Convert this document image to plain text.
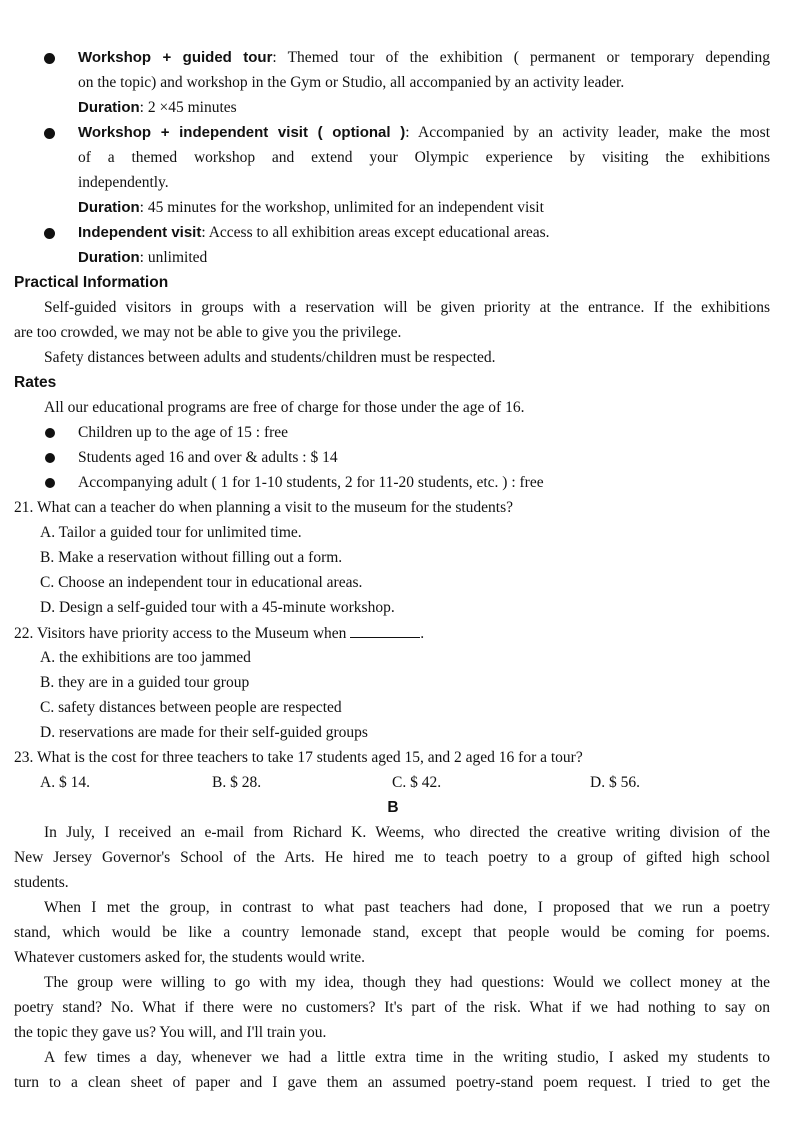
Workshop + guided tour: Themed tour of the exhibition ( permanent or temporary depending
on the topic) and workshop in the Gym or Studio, all accompanied by an activity leader.
Duration: 2 ×45 minutes
Workshop + independent visit ( optional ): Accompanied by an activity leader, make the most
of a themed workshop and extend your Olympic experience by visiting the exhibitions
independently.
Duration: 45 minutes for the workshop, unlimited for an independent visit
Independent visit: Access to all exhibition areas except educational areas.
Duration: unlimited
Practical Information
Self-guided visitors in groups with a reservation will be given priority at the entrance. If the exhibitions
are too crowded, we may not be able to give you the privilege.
Safety distances between adults and students/children must be respected.
Rates
All our educational programs are free of charge for those under the age of 16.
Children up to the age of 15 : free
Students aged 16 and over & adults : $ 14
Accompanying adult ( 1 for 1-10 students, 2 for 11-20 students, etc. ) : free
21. What can a teacher do when planning a visit to the museum for the students?
A. Tailor a guided tour for unlimited time.
B. Make a reservation without filling out a form.
C. Choose an independent tour in educational areas.
D. Design a self-guided tour with a 45-minute workshop.
22. Visitors have priority access to the Museum when	.
A. the exhibitions are too jammed
B. they are in a guided tour group
C. safety distances between people are respected
D. reservations are made for their self-guided groups
23. What is the cost for three teachers to take 17 students aged 15, and 2 aged 16 for a tour?
A. $ 14.	B. $ 28.	C. $ 42.	D. $ 56.
B
In July, I received an e-mail from Richard K. Weems, who directed the creative writing division of the
New Jersey Governor's School of the Arts. He hired me to teach poetry to a group of gifted high school
students.
When I met the group, in contrast to what past teachers had done, I proposed that we run a poetry
stand, which would be like a country lemonade stand, except that people would be coming for poems.
Whatever customers asked for, the students would write.
The group were willing to go with my idea, though they had questions: Would we collect money at the
poetry stand? No. What if there were no customers? It's part of the risk. What if we had nothing to say on
the topic they gave us? You will, and I'll train you.
A few times a day, whenever we had a little extra time in the writing studio, I asked my students to
turn to a clean sheet of paper and I gave them an assumed poetry-stand poem request. I tried to get the
